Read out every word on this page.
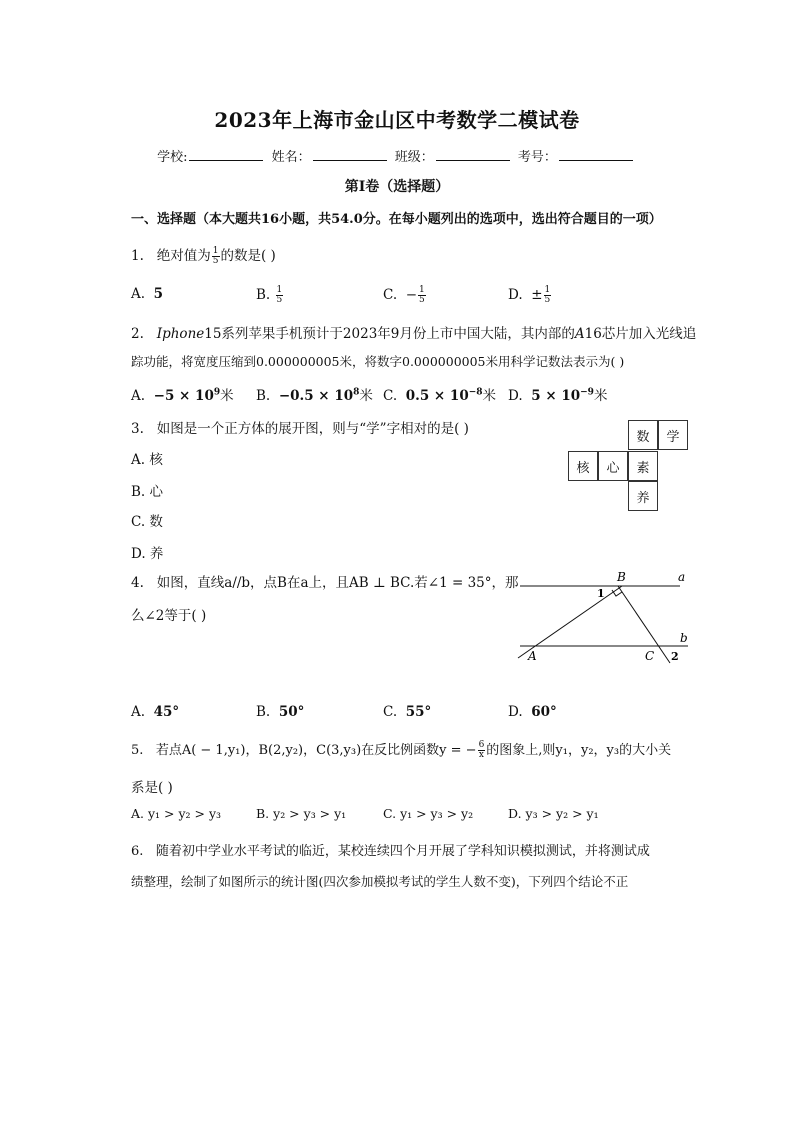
2023年上海市金山区中考数学二模试卷
学校:	姓名：	班级：	考号：
第Ⅰ卷（选择题）
一、选择题（本大题共16小题，共54.0分。在每小题列出的选项中，选出符合题目的一项）
1. 绝对值为 $\frac{1}{5}$ 的数是( )
A. 5	B. $\frac{1}{5}$	C. − $\frac{1}{5}$	D. ± $\frac{1}{5}$
2. Iphone15系列苹果手机预计于2023年9月份上市中国大陆，其内部的A16芯片加入光线追
踪功能，将宽度压缩到0.000000005米，将数字0.000000005米用科学记数法表示为( )
A. $-5 \times 10^9$米 B. $-0.5 \times 10^8$米 C. $0.5 \times 10^{-8}$米 D. $5 \times 10^{-9}$米
3. 如图是一个正方体的展开图，则与“学”字相对的是( )
A. 核
B. 心
C. 数
D. 养
数	学
核	心	素
养
4. 如图，直线a//b，点B在a上，且AB ⊥ BC.若∠1 = 35°，那
么∠2等于( )
B	a
b
A	C
1
2
A. 45°	B. 50°	C. 55°	D. 60°
5. 若点A( − 1,y₁)，B(2,y₂)，C(3,y₃)在反比例函数y = − $\frac{6}{x}$ 的图象上,则y₁，y₂，y₃的大小关
系是( )
A. y₁ > y₂ > y₃	B. y₂ > y₃ > y₁	C. y₁ > y₃ > y₂	D. y₃ > y₂ > y₁
6. 随着初中学业水平考试的临近，某校连续四个月开展了学科知识模拟测试，并将测试成
绩整理，绘制了如图所示的统计图(四次参加模拟考试的学生人数不变)，下列四个结论不正
